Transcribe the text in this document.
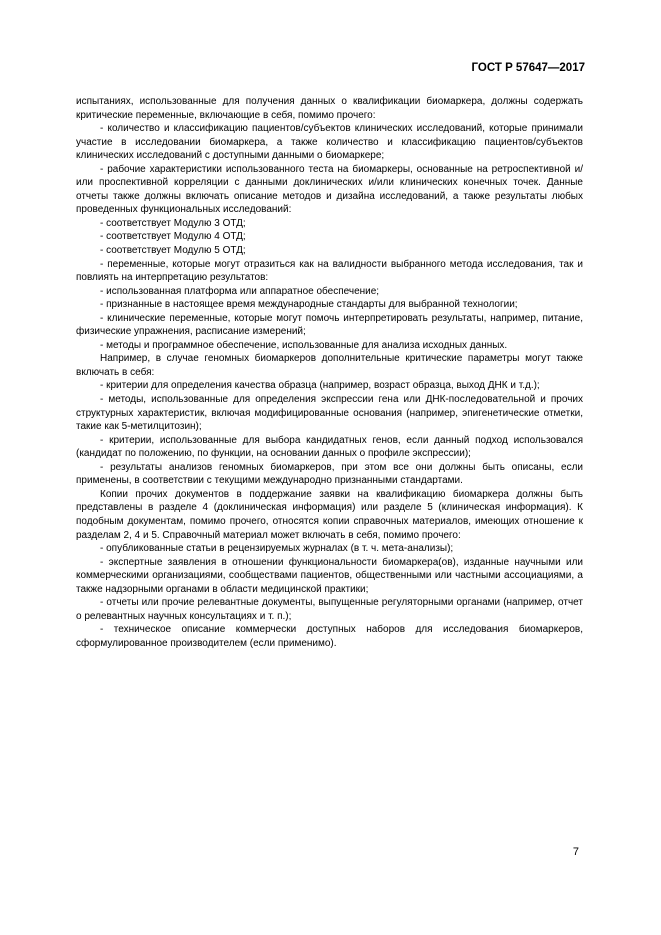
ГОСТ Р 57647—2017

испытаниях, использованные для получения данных о квалификации биомаркера, должны содержать критические переменные, включающие в себя, помимо прочего:

- количество и классификацию пациентов/субъектов клинических исследований, которые принимали участие в исследовании биомаркера, а также количество и классификацию пациентов/субъектов клинических исследований с доступными данными о биомаркере;

- рабочие характеристики использованного теста на биомаркеры, основанные на ретроспективной и/или проспективной корреляции с данными доклинических и/или клинических конечных точек. Данные отчеты также должны включать описание методов и дизайна исследований, а также результаты любых проведенных функциональных исследований:

- соответствует Модулю 3 ОТД;

- соответствует Модулю 4 ОТД;

- соответствует Модулю 5 ОТД;

- переменные, которые могут отразиться как на валидности выбранного метода исследования, так и повлиять на интерпретацию результатов:

- использованная платформа или аппаратное обеспечение;

- признанные в настоящее время международные стандарты для выбранной технологии;

- клинические переменные, которые могут помочь интерпретировать результаты, например, питание, физические упражнения, расписание измерений;

- методы и программное обеспечение, использованные для анализа исходных данных.

Например, в случае геномных биомаркеров дополнительные критические параметры могут также включать в себя:

- критерии для определения качества образца (например, возраст образца, выход ДНК и т.д.);

- методы, использованные для определения экспрессии гена или ДНК-последовательной и прочих структурных характеристик, включая модифицированные основания (например, эпигенетические отметки, такие как 5-метилцитозин);

- критерии, использованные для выбора кандидатных генов, если данный подход использовался (кандидат по положению, по функции, на основании данных о профиле экспрессии);

- результаты анализов геномных биомаркеров, при этом все они должны быть описаны, если применены, в соответствии с текущими международно признанными стандартами.

Копии прочих документов в поддержание заявки на квалификацию биомаркера должны быть представлены в разделе 4 (доклиническая информация) или разделе 5 (клиническая информация). К подобным документам, помимо прочего, относятся копии справочных материалов, имеющих отношение к разделам 2, 4 и 5. Справочный материал может включать в себя, помимо прочего:

- опубликованные статьи в рецензируемых журналах (в т. ч. мета-анализы);

- экспертные заявления в отношении функциональности биомаркера(ов), изданные научными или коммерческими организациями, сообществами пациентов, общественными или частными ассоциациями, а также надзорными органами в области медицинской практики;

- отчеты или прочие релевантные документы, выпущенные регуляторными органами (например, отчет о релевантных научных консультациях и т. п.);

- техническое описание коммерчески доступных наборов для исследования биомаркеров, сформулированное производителем (если применимо).

7
